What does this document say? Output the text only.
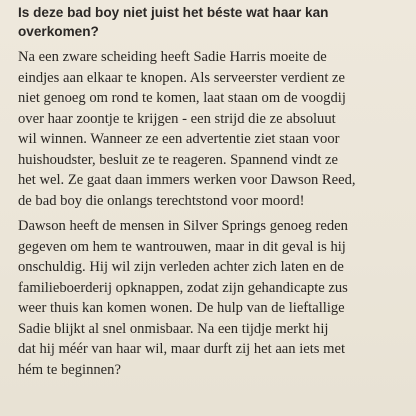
Is deze bad boy niet juist het béste wat haar kan
overkomen?

Na een zware scheiding heeft Sadie Harris moeite de
eindjes aan elkaar te knopen. Als serveerster verdient ze
niet genoeg om rond te komen, laat staan om de voogdij
over haar zoontje te krijgen - een strijd die ze absoluut
wil winnen. Wanneer ze een advertentie ziet staan voor
huishoudster, besluit ze te reageren. Spannend vindt ze
het wel. Ze gaat daan immers werken voor Dawson Reed,
de bad boy die onlangs terechtstond voor moord!

Dawson heeft de mensen in Silver Springs genoeg reden
gegeven om hem te wantrouwen, maar in dit geval is hij
onschuldig. Hij wil zijn verleden achter zich laten en de
familieboerderij opknappen, zodat zijn gehandicapte zus
weer thuis kan komen wonen. De hulp van de lieftallige
Sadie blijkt al snel onmisbaar. Na een tijdje merkt hij
dat hij méér van haar wil, maar durft zij het aan iets met
hém te beginnen?
